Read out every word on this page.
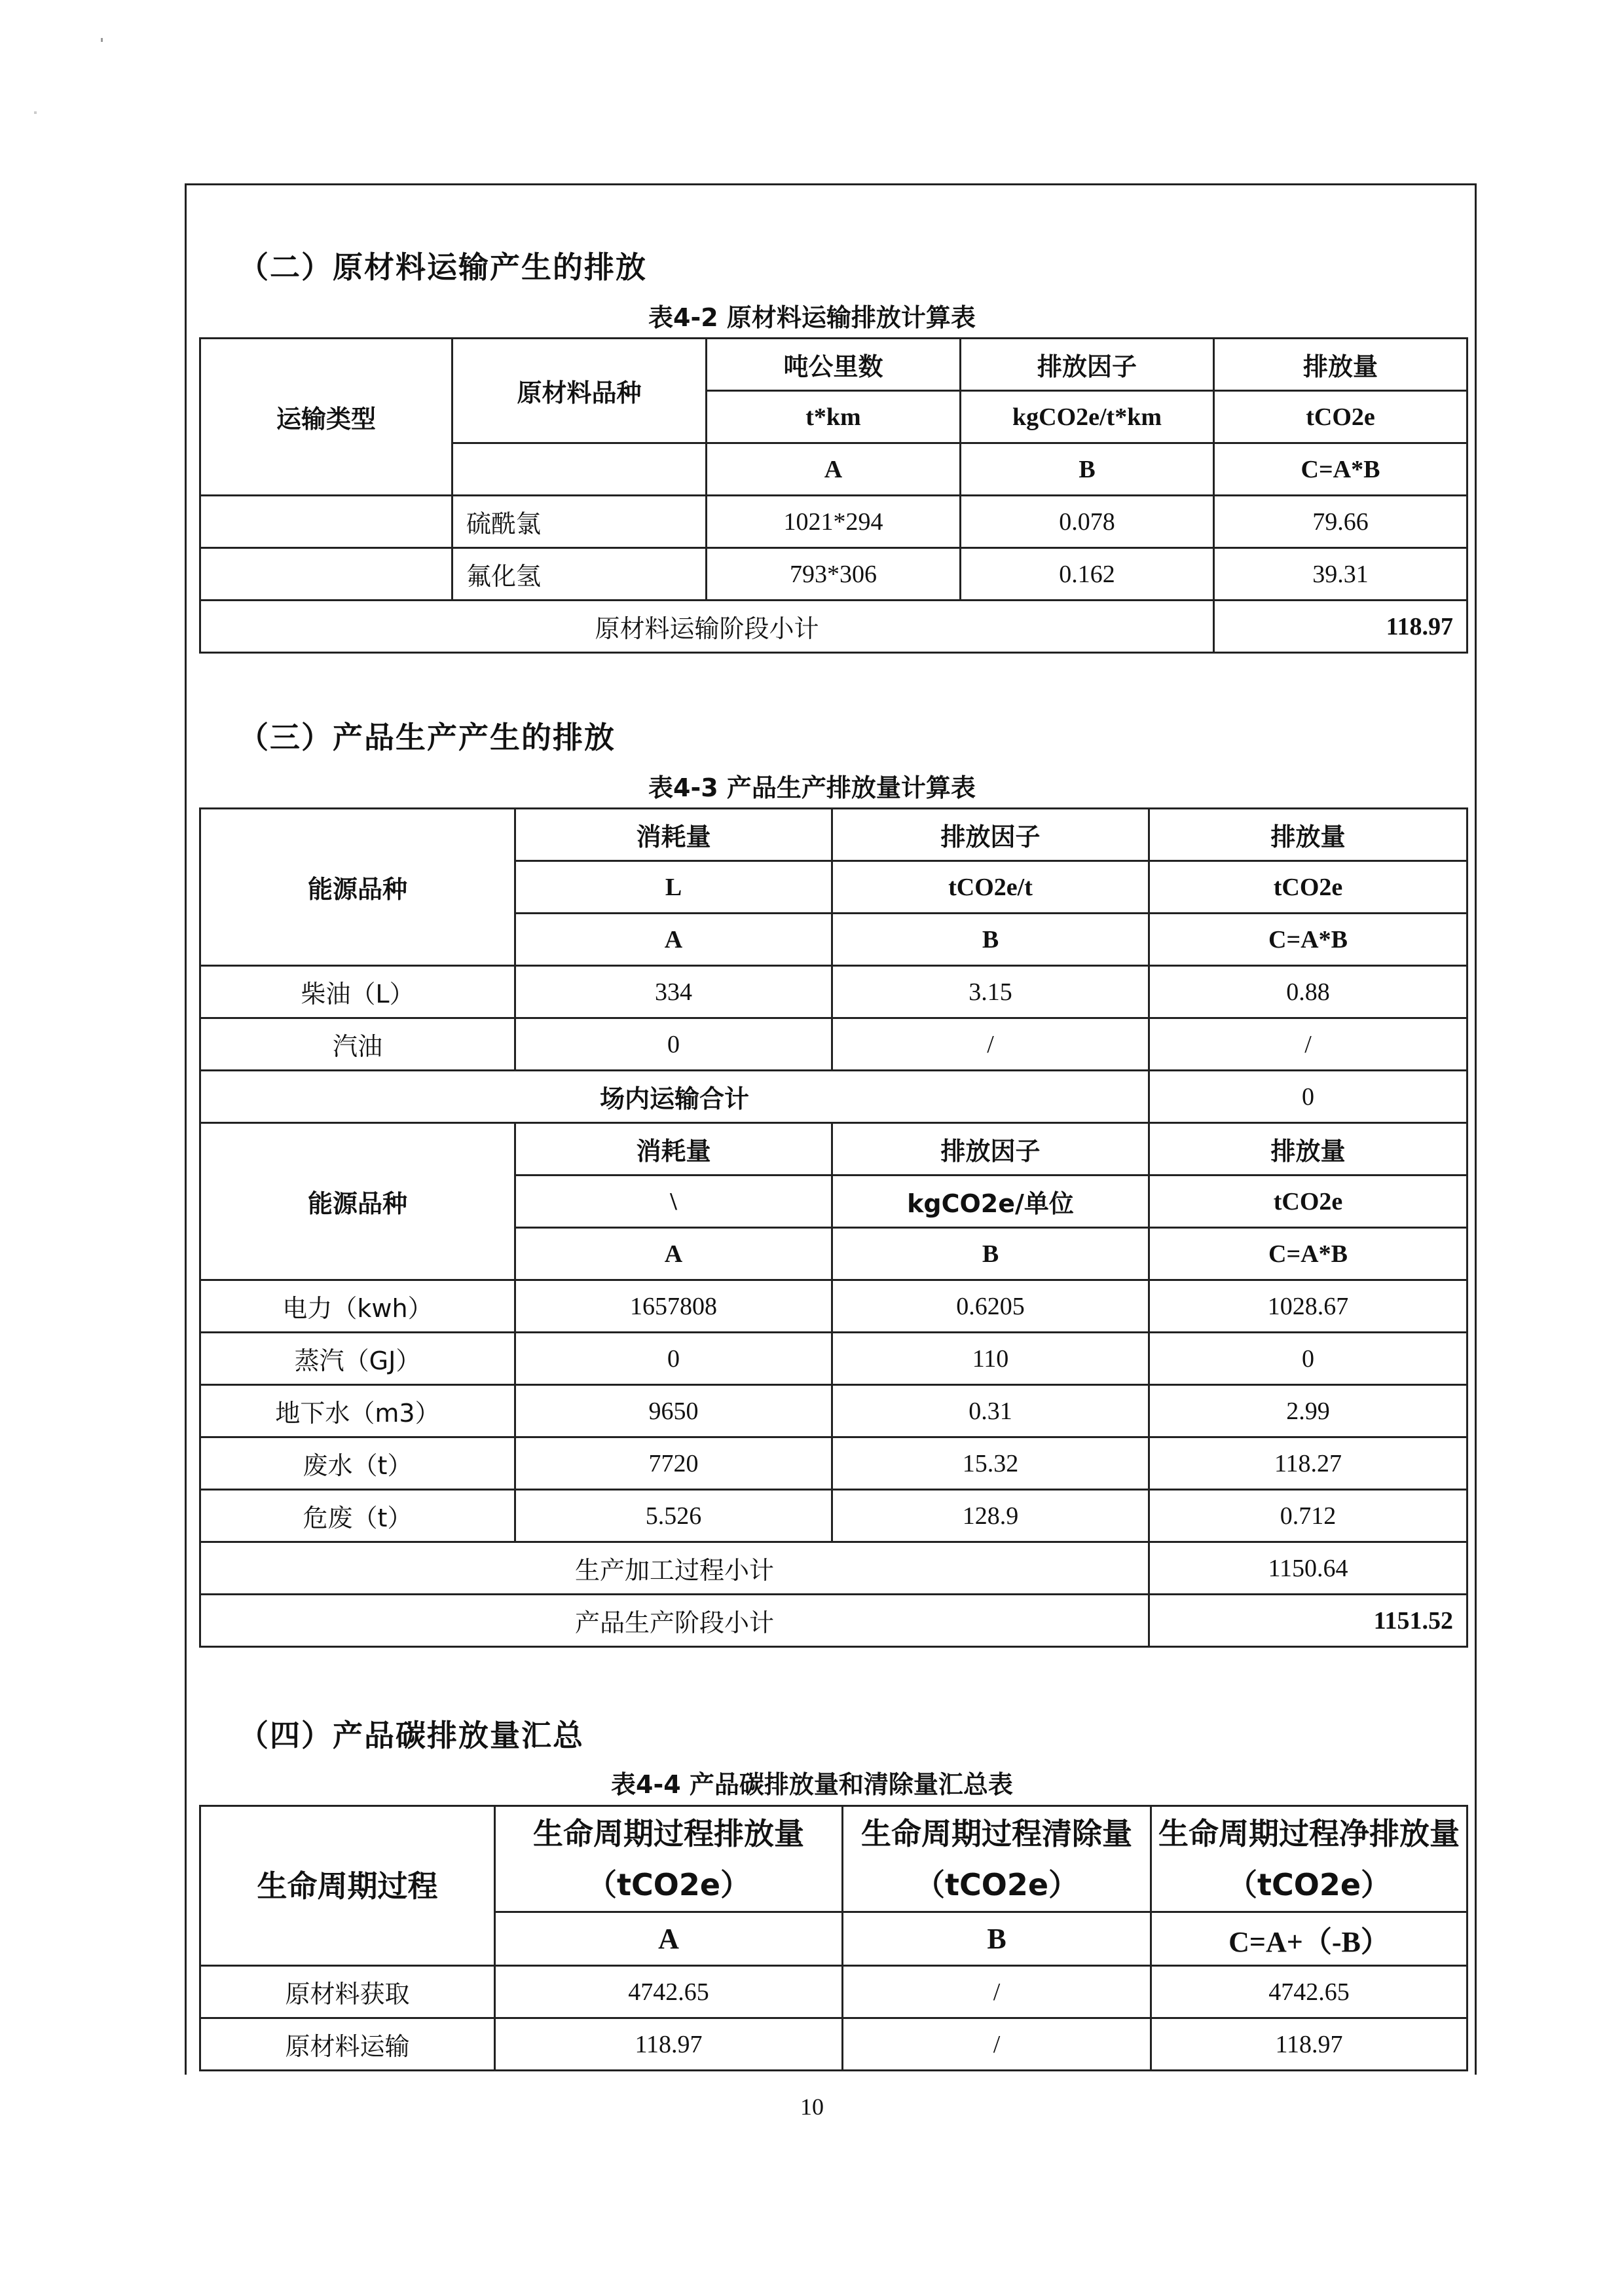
（二）原材料运输产生的排放
表4-2 原材料运输排放计算表
运输类型	原材料品种	吨公里数	排放因子	排放量
		t*km	kgCO2e/t*km	tCO2e
		A	B	C=A*B
	硫酰氯	1021*294	0.078	79.66
	氟化氢	793*306	0.162	39.31
原材料运输阶段小计				118.97
（三）产品生产产生的排放
表4-3 产品生产排放量计算表
能源品种	消耗量	排放因子	排放量
	L	tCO2e/t	tCO2e
	A	B	C=A*B
柴油（L）	334	3.15	0.88
汽油	0	/	/
场内运输合计			0
能源品种	消耗量	排放因子	排放量
	\	kgCO2e/单位	tCO2e
	A	B	C=A*B
电力（kwh）	1657808	0.6205	1028.67
蒸汽（GJ）	0	110	0
地下水（m3）	9650	0.31	2.99
废水（t）	7720	15.32	118.27
危废（t）	5.526	128.9	0.712
生产加工过程小计			1150.64
产品生产阶段小计			1151.52
（四）产品碳排放量汇总
表4-4 产品碳排放量和清除量汇总表
生命周期过程	生命周期过程排放量（tCO2e）	生命周期过程清除量（tCO2e）	生命周期过程净排放量（tCO2e）
	A	B	C=A+（-B）
原材料获取	4742.65	/	4742.65
原材料运输	118.97	/	118.97
10
